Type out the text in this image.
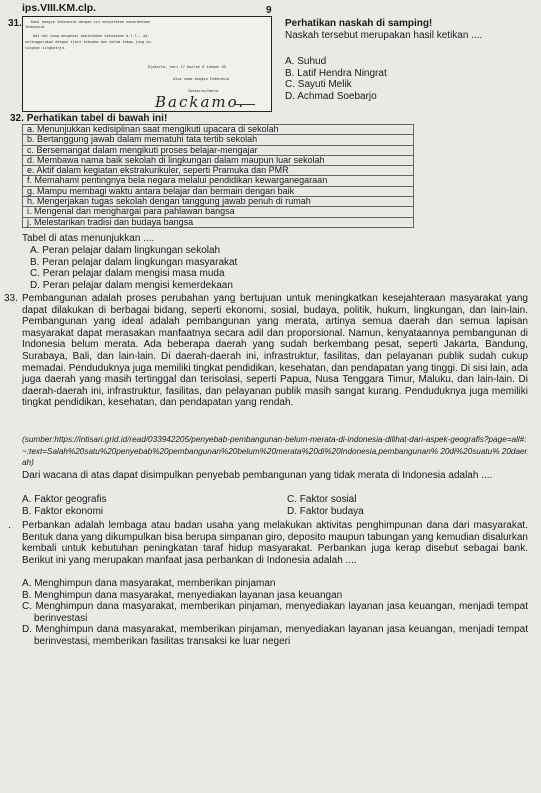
ips.VIII.KM.clp.	9
31.	Kami bangsa Indonesia dengan ini menyatakan kemerdekaan
Indonesia
Hal-hal yang mengenai pemindahan kekuasaan d.l.l., di-
selenggarakan dengan tjara seksama dan dalam tempo jang se-
singkat-singkatnja.
Djakarta, hari 17 boelan 8 tahoen 05
Atas nama bangsa Indonesia
Soekarno/Hatta
Backamo.
Perhatikan naskah di samping!
Naskah tersebut merupakan hasil ketikan ....
A. Suhud
B. Latif Hendra Ningrat
C. Sayuti Melik
D. Achmad Soebarjo
32. Perhatikan tabel di bawah ini!
a. Menunjukkan kedisiplinan saat mengikuti upacara di sekolah
b. Bertanggung jawab dalam mematuhi tata tertib sekolah
c. Bersemangat dalam mengikuti proses belajar-mengajar
d. Membawa nama baik sekolah di lingkungan dalam maupun luar sekolah
e. Aktif dalam kegiatan ekstrakurikuler, seperti Pramuka dan PMR
f. Memahami pentingnya bela negara melalui pendidikan kewarganegaraan
g. Mampu membagi waktu antara belajar dan bermain dengan baik
h. Mengerjakan tugas sekolah dengan tanggung jawab penuh di rumah
i. Mengenal dan menghargai para pahlawan bangsa
j. Melestarikan tradisi dan budaya bangsa
Tabel di atas menunjukkan ....
A. Peran pelajar dalam lingkungan sekolah
B. Peran pelajar dalam lingkungan masyarakat
C. Peran pelajar dalam mengisi masa muda
D. Peran pelajar dalam mengisi kemerdekaan
33. Pembangunan adalah proses perubahan yang bertujuan untuk meningkatkan kesejahteraan masyarakat yang dapat dilakukan di berbagai bidang, seperti ekonomi, sosial, budaya, politik, hukum, lingkungan, dan lain-lain. Pembangunan yang ideal adalah pembangunan yang merata, artinya semua daerah dan semua lapisan masyarakat dapat merasakan manfaatnya secara adil dan proporsional. Namun, kenyataannya pembangunan di Indonesia belum merata. Ada beberapa daerah yang sudah berkembang pesat, seperti Jakarta, Bandung, Surabaya, Bali, dan lain-lain. Di daerah-daerah ini, infrastruktur, fasilitas, dan pelayanan publik sudah cukup memadai. Penduduknya juga memiliki tingkat pendidikan, kesehatan, dan pendapatan yang tinggi. Di sisi lain, ada juga daerah yang masih tertinggal dan terisolasi, seperti Papua, Nusa Tenggara Timur, Maluku, dan lain-lain. Di daerah-daerah ini, infrastruktur, fasilitas, dan pelayanan publik masih sangat kurang. Penduduknya juga memiliki tingkat pendidikan, kesehatan, dan pendapatan yang rendah.
(sumber:https://intisari.grid.id/read/033942205/penyebab-pembangunan-belum-merata-di-indonesia-dilihat-dari-aspek-geografis?page=all#:~:text=Salah%20satu%20penyebab%20pembangunan%20belum%20merata%20di%20Indonesia,pembangunan% 20di%20suatu% 20daerah)
Dari wacana di atas dapat disimpulkan penyebab pembangunan yang tidak merata di Indonesia adalah ....
A. Faktor geografis	C. Faktor sosial
B. Faktor ekonomi	D. Faktor budaya
. Perbankan adalah lembaga atau badan usaha yang melakukan aktivitas penghimpunan dana dari masyarakat. Bentuk dana yang dikumpulkan bisa berupa simpanan giro, deposito maupun tabungan yang kemudian disalurkan kembali untuk kebutuhan peningkatan taraf hidup masyarakat. Perbankan juga kerap disebut sebagai bank. Berikut ini yang merupakan manfaat jasa perbankan di Indonesia adalah ....
A. Menghimpun dana masyarakat, memberikan pinjaman
B. Menghimpun dana masyarakat, menyediakan layanan jasa keuangan
C. Menghimpun dana masyarakat, memberikan pinjaman, menyediakan layanan jasa keuangan, menjadi tempat berinvestasi
D. Menghimpun dana masyarakat, memberikan pinjaman, menyediakan layanan jasa keuangan, menjadi tempat berinvestasi, memberikan fasilitas transaksi ke luar negeri
